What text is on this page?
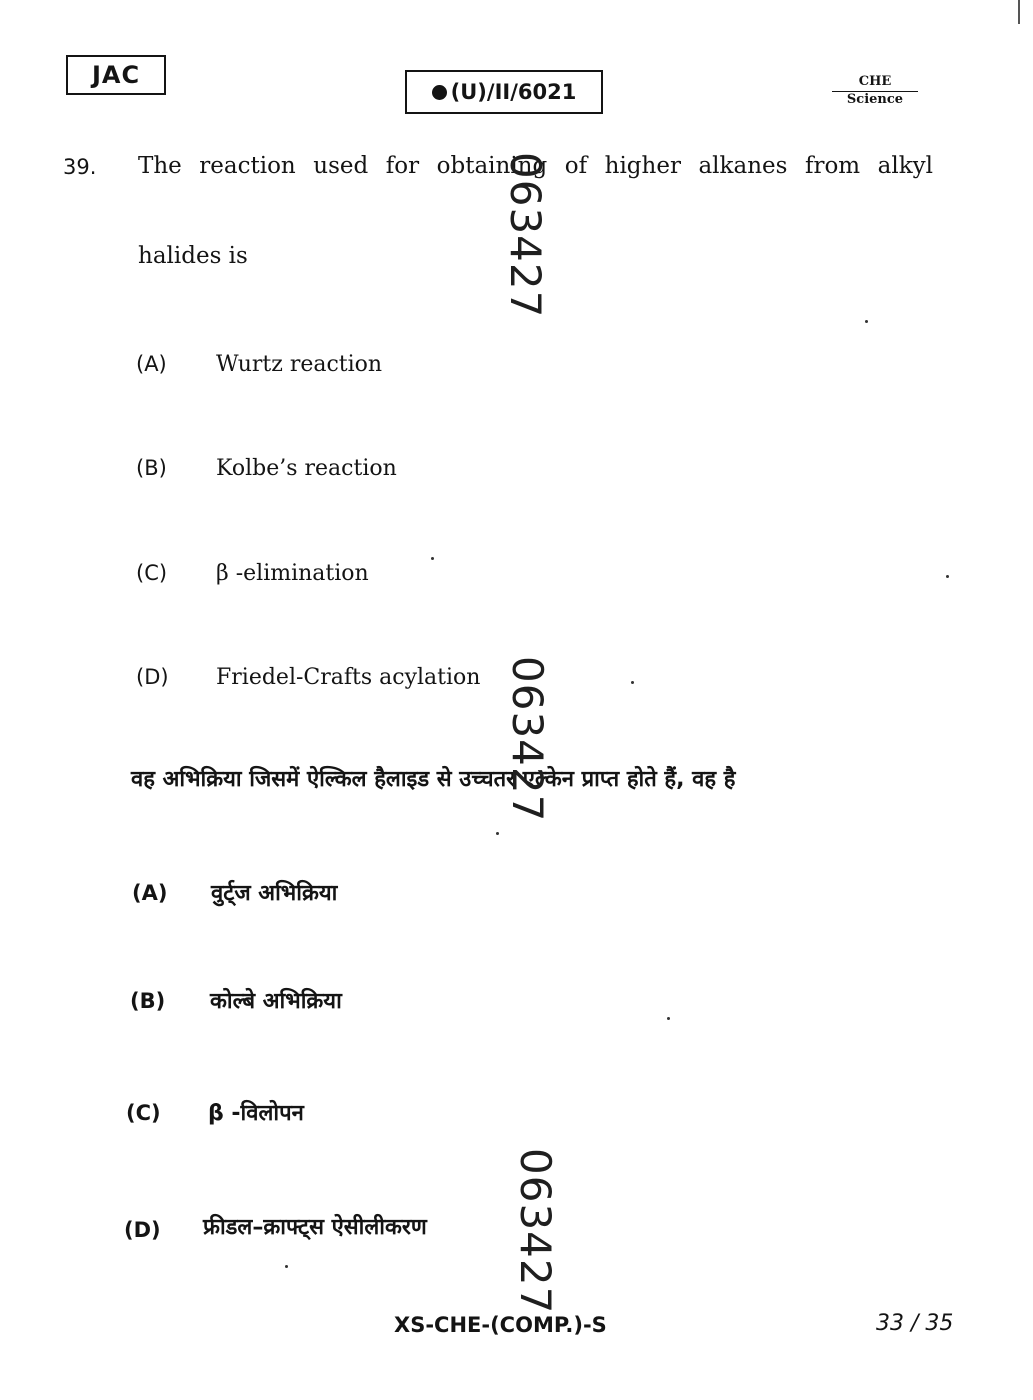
JAC
(U)/II/6021	CHE
Science
39. The reaction used for obtaining of higher alkanes from alkyl
halides is
(A) Wurtz reaction
(B) Kolbe’s reaction
(C) β -elimination
(D) Friedel-Crafts acylation
वह अभिक्रिया जिसमें ऐल्किल हैलाइड से उच्चतर एल्केन प्राप्त होते हैं, वह है
(A) वुर्ट्ज अभिक्रिया
(B) कोल्बे अभिक्रिया
(C) β -विलोपन
(D) फ्रीडल–क्राफ्ट्स ऐसीलीकरण
063427
063427
063427
XS-CHE-(COMP.)-S	33 / 35
